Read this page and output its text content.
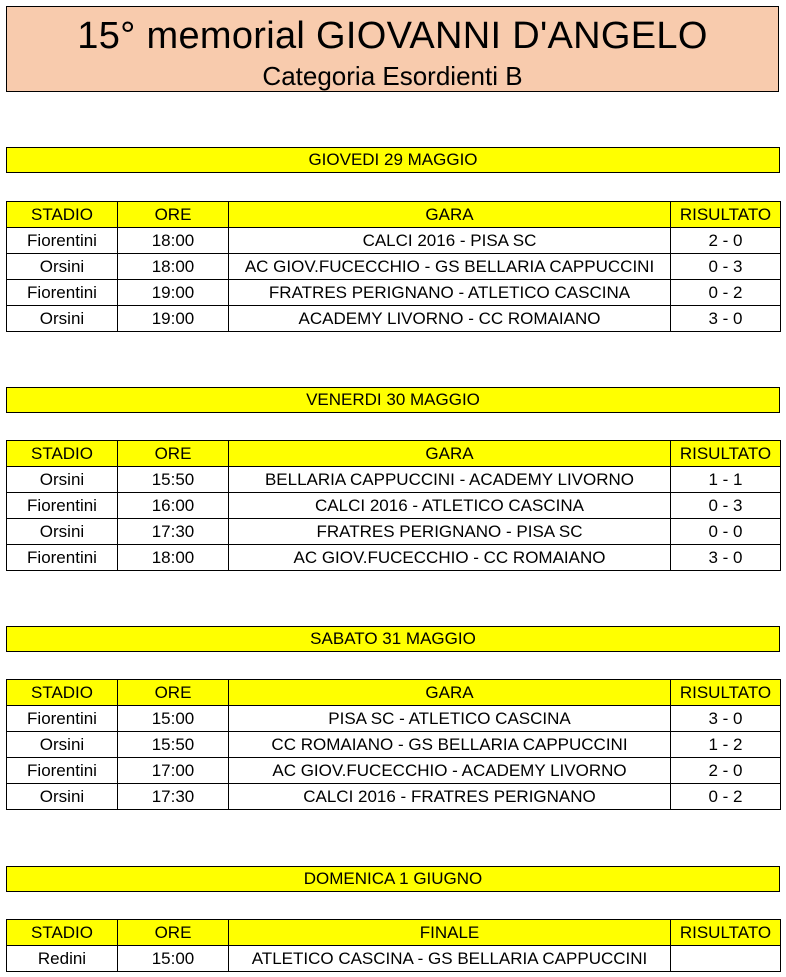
15° memorial GIOVANNI D'ANGELO
Categoria Esordienti B
GIOVEDI 29 MAGGIO
STADIO	ORE	GARA	RISULTATO
Fiorentini	18:00	CALCI 2016 - PISA SC	2 - 0
Orsini	18:00	AC GIOV.FUCECCHIO - GS BELLARIA CAPPUCCINI	0 - 3
Fiorentini	19:00	FRATRES PERIGNANO - ATLETICO CASCINA	0 - 2
Orsini	19:00	ACADEMY LIVORNO - CC ROMAIANO	3 - 0
VENERDI 30 MAGGIO
STADIO	ORE	GARA	RISULTATO
Orsini	15:50	BELLARIA CAPPUCCINI - ACADEMY LIVORNO	1 - 1
Fiorentini	16:00	CALCI 2016 - ATLETICO CASCINA	0 - 3
Orsini	17:30	FRATRES PERIGNANO - PISA SC	0 - 0
Fiorentini	18:00	AC GIOV.FUCECCHIO - CC ROMAIANO	3 - 0
SABATO 31 MAGGIO
STADIO	ORE	GARA	RISULTATO
Fiorentini	15:00	PISA SC - ATLETICO CASCINA	3 - 0
Orsini	15:50	CC ROMAIANO - GS BELLARIA CAPPUCCINI	1 - 2
Fiorentini	17:00	AC GIOV.FUCECCHIO - ACADEMY LIVORNO	2 - 0
Orsini	17:30	CALCI 2016 - FRATRES PERIGNANO	0 - 2
DOMENICA 1 GIUGNO
STADIO	ORE	FINALE	RISULTATO
Redini	15:00	ATLETICO CASCINA - GS BELLARIA CAPPUCCINI	
